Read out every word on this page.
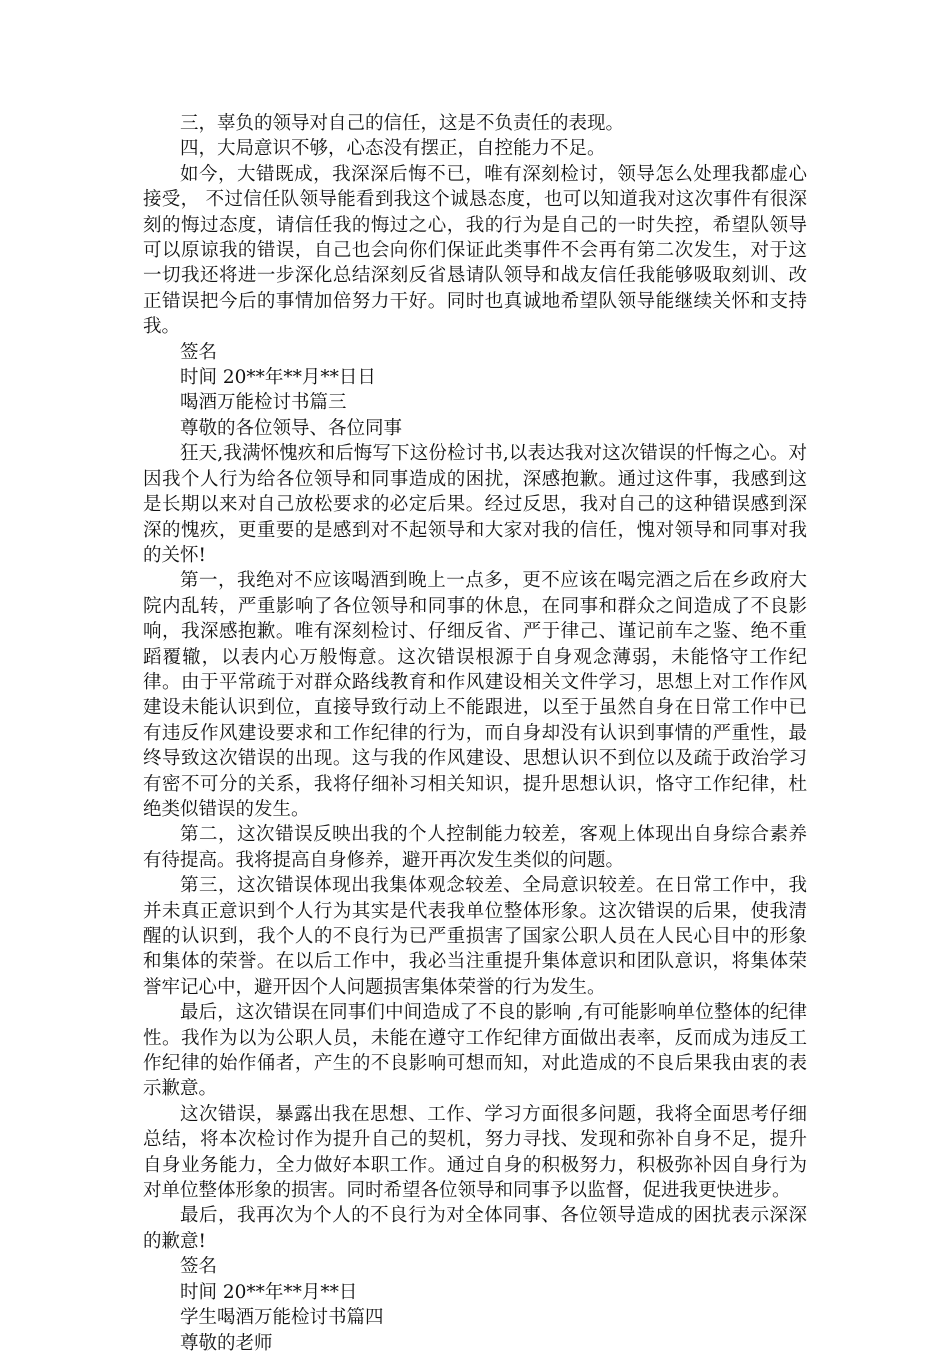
三，辜负的领导对自己的信任，这是不负责任的表现。

四，大局意识不够，心态没有摆正，自控能力不足。

如今，大错既成，我深深后悔不已，唯有深刻检讨，领导怎么处理我都虚心接受， 不过信任队领导能看到我这个诚恳态度，也可以知道我对这次事件有很深刻的悔过态度，请信任我的悔过之心，我的行为是自己的一时失控，希望队领导可以原谅我的错误，自己也会向你们保证此类事件不会再有第二次发生，对于这一切我还将进一步深化总结深刻反省恳请队领导和战友信任我能够吸取刻训、改正错误把今后的事情加倍努力干好。同时也真诚地希望队领导能继续关怀和支持我。

签名

时间 20**年**月**日日

喝酒万能检讨书篇三

尊敬的各位领导、各位同事

狂天,我满怀愧疚和后悔写下这份检讨书,以表达我对这次错误的忏悔之心。对因我个人行为给各位领导和同事造成的困扰，深感抱歉。通过这件事，我感到这是长期以来对自己放松要求的必定后果。经过反思，我对自己的这种错误感到深深的愧疚，更重要的是感到对不起领导和大家对我的信任，愧对领导和同事对我的关怀!

第一，我绝对不应该喝酒到晚上一点多，更不应该在喝完酒之后在乡政府大院内乱转，严重影响了各位领导和同事的休息，在同事和群众之间造成了不良影响，我深感抱歉。唯有深刻检讨、仔细反省、严于律己、谨记前车之鉴、绝不重蹈覆辙，以表内心万般悔意。这次错误根源于自身观念薄弱，未能恪守工作纪律。由于平常疏于对群众路线教育和作风建设相关文件学习，思想上对工作作风建设未能认识到位，直接导致行动上不能跟进，以至于虽然自身在日常工作中已有违反作风建设要求和工作纪律的行为，而自身却没有认识到事情的严重性，最终导致这次错误的出现。这与我的作风建设、思想认识不到位以及疏于政治学习有密不可分的关系，我将仔细补习相关知识，提升思想认识，恪守工作纪律，杜绝类似错误的发生。

第二，这次错误反映出我的个人控制能力较差，客观上体现出自身综合素养有待提高。我将提高自身修养，避开再次发生类似的问题。

第三，这次错误体现出我集体观念较差、全局意识较差。在日常工作中，我并未真正意识到个人行为其实是代表我单位整体形象。这次错误的后果，使我清醒的认识到，我个人的不良行为已严重损害了国家公职人员在人民心目中的形象和集体的荣誉。在以后工作中，我必当注重提升集体意识和团队意识，将集体荣誉牢记心中，避开因个人问题损害集体荣誉的行为发生。

最后，这次错误在同事们中间造成了不良的影响 ,有可能影响单位整体的纪律性。我作为以为公职人员，未能在遵守工作纪律方面做出表率，反而成为违反工作纪律的始作俑者，产生的不良影响可想而知，对此造成的不良后果我由衷的表示歉意。

这次错误，暴露出我在思想、工作、学习方面很多问题，我将全面思考仔细总结，将本次检讨作为提升自己的契机，努力寻找、发现和弥补自身不足，提升自身业务能力，全力做好本职工作。通过自身的积极努力，积极弥补因自身行为对单位整体形象的损害。同时希望各位领导和同事予以监督，促进我更快进步。

最后，我再次为个人的不良行为对全体同事、各位领导造成的困扰表示深深的歉意!

签名

时间 20**年**月**日

学生喝酒万能检讨书篇四

尊敬的老师
